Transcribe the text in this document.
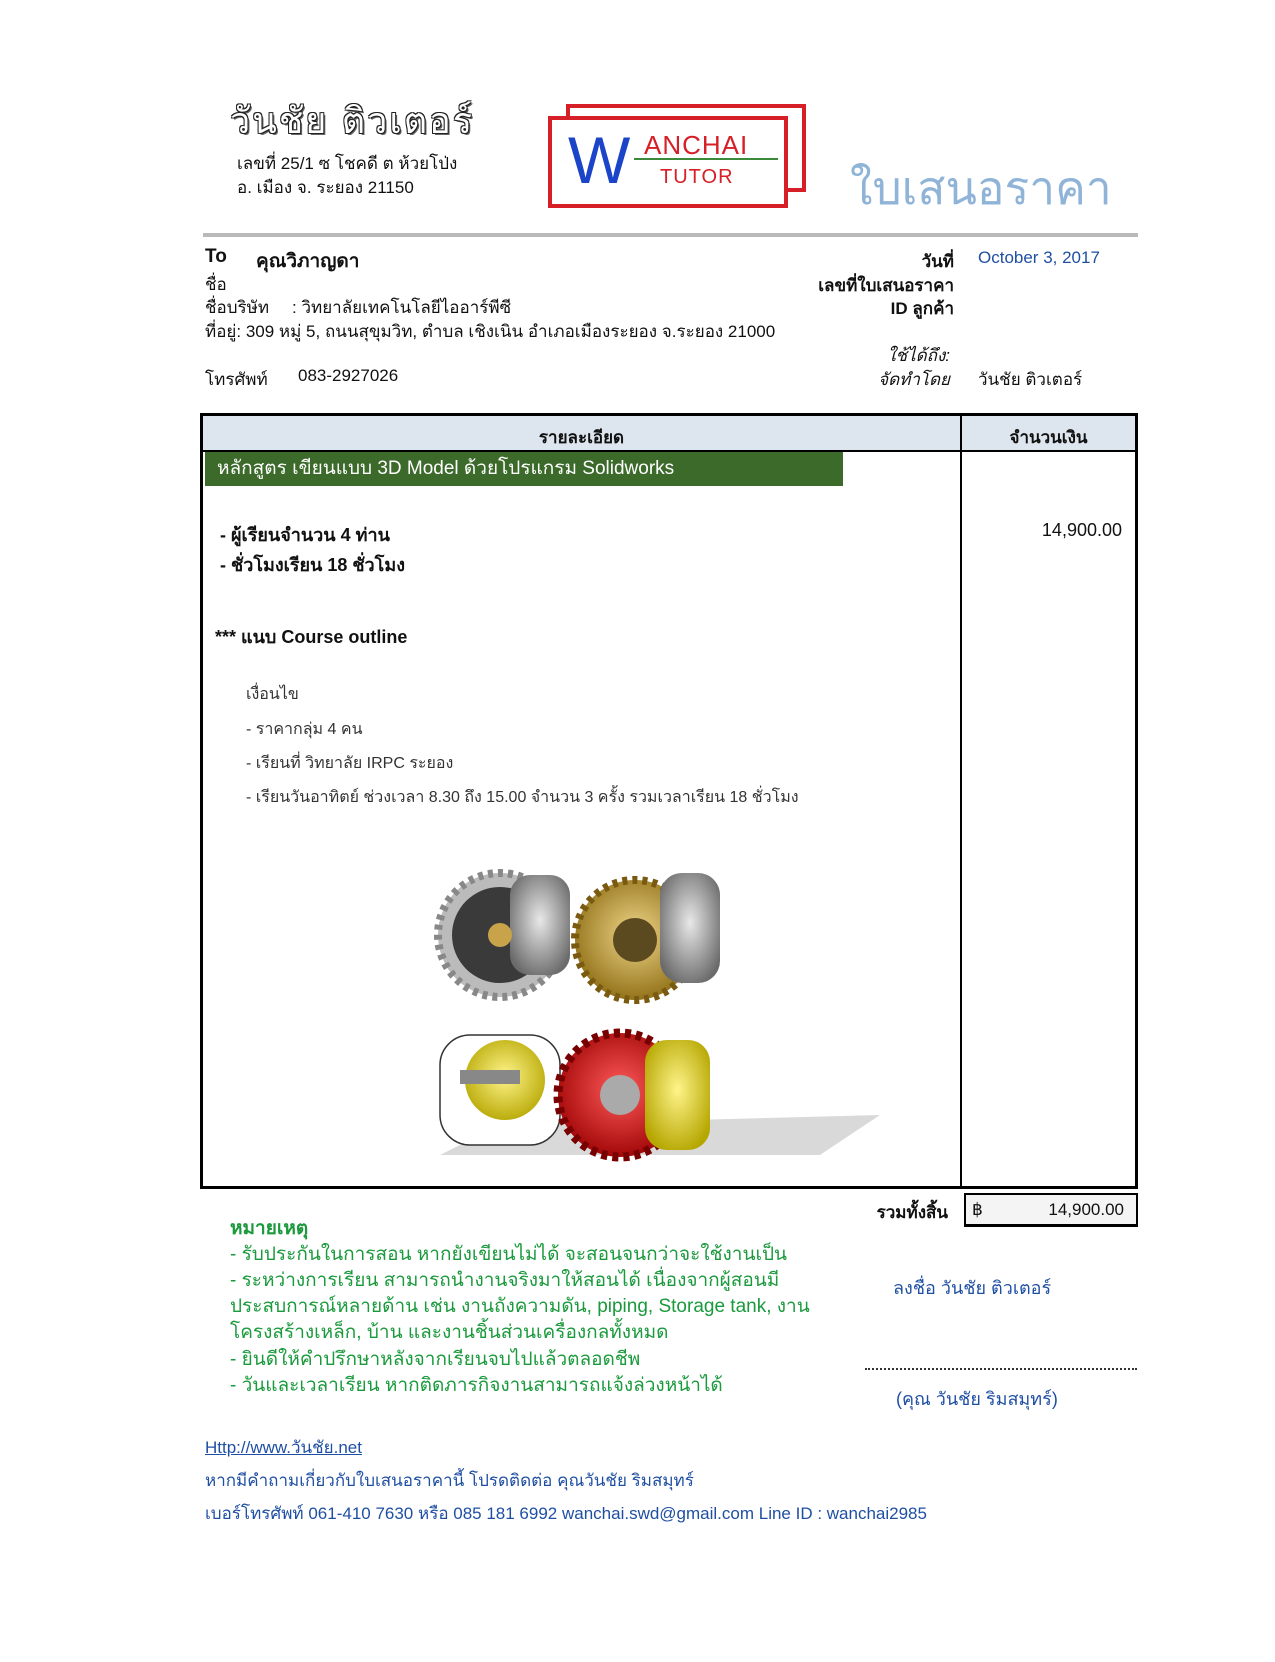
วันชัย ติวเตอร์
เลขที่ 25/1 ซ โชคดี ต ห้วยโป่ง
อ. เมือง จ. ระยอง 21150 W ANCHAI
TUTOR	ใบเสนอราคา
To คุณวิภาญดา
ชื่อ
ชื่อบริษัท : วิทยาลัยเทคโนโลยีไออาร์พีซี
ที่อยู่: 309 หมู่ 5, ถนนสุขุมวิท, ตำบล เชิงเนิน อำเภอเมืองระยอง จ.ระยอง 21000
โทรศัพท์ 083-2927026
วันที่ October 3, 2017
เลขที่ใบเสนอราคา
ID ลูกค้า
ใช้ได้ถึง:
จัดทำโดย วันชัย ติวเตอร์
รายละเอียด	จำนวนเงิน
หลักสูตร เขียนแบบ 3D Model ด้วยโปรแกรม Solidworks
- ผู้เรียนจำนวน 4 ท่าน
- ชั่วโมงเรียน 18 ชั่วโมง
14,900.00
*** แนบ Course outline
เงื่อนไข
- ราคากลุ่ม 4 คน
- เรียนที่ วิทยาลัย IRPC ระยอง
- เรียนวันอาทิตย์ ช่วงเวลา 8.30 ถึง 15.00 จำนวน 3 ครั้ง รวมเวลาเรียน 18 ชั่วโมง
รวมทั้งสิ้น ฿	14,900.00
หมายเหตุ
- รับประกันในการสอน หากยังเขียนไม่ได้ จะสอนจนกว่าจะใช้งานเป็น
- ระหว่างการเรียน สามารถนำงานจริงมาให้สอนได้ เนื่องจากผู้สอนมี
ประสบการณ์หลายด้าน เช่น งานถังความดัน, piping, Storage tank, งาน
โครงสร้างเหล็ก, บ้าน และงานชิ้นส่วนเครื่องกลทั้งหมด
- ยินดีให้คำปรึกษาหลังจากเรียนจบไปแล้วตลอดชีพ
- วันและเวลาเรียน หากติดภารกิจงานสามารถแจ้งล่วงหน้าได้
ลงชื่อ วันชัย ติวเตอร์
(คุณ วันชัย ริมสมุทร์)
Http://www.วันชัย.net
หากมีคำถามเกี่ยวกับใบเสนอราคานี้ โปรดติดต่อ คุณวันชัย ริมสมุทร์
เบอร์โทรศัพท์ 061-410 7630 หรือ 085 181 6992 wanchai.swd@gmail.com Line ID : wanchai2985
